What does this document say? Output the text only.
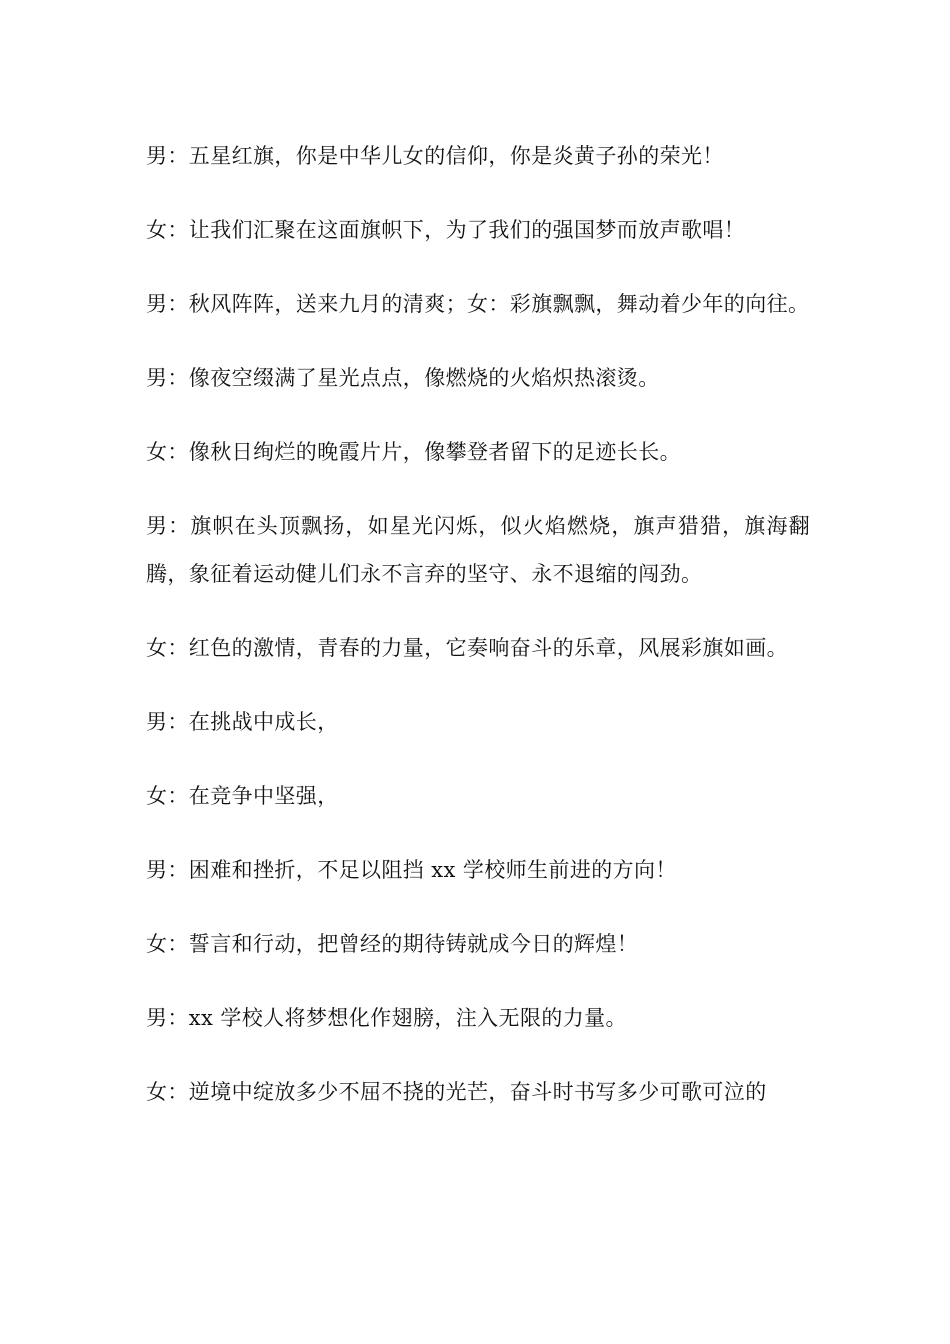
男：五星红旗，你是中华儿女的信仰，你是炎黄子孙的荣光！

女：让我们汇聚在这面旗帜下，为了我们的强国梦而放声歌唱！

男：秋风阵阵，送来九月的清爽；女：彩旗飘飘，舞动着少年的向往。

男：像夜空缀满了星光点点，像燃烧的火焰炽热滚烫。

女：像秋日绚烂的晚霞片片，像攀登者留下的足迹长长。

男：旗帜在头顶飘扬，如星光闪烁，似火焰燃烧，旗声猎猎，旗海翻腾，象征着运动健儿们永不言弃的坚守、永不退缩的闯劲。

女：红色的激情，青春的力量，它奏响奋斗的乐章，风展彩旗如画。

男：在挑战中成长，

女：在竞争中坚强，

男：困难和挫折，不足以阻挡 xx 学校师生前进的方向！

女：誓言和行动，把曾经的期待铸就成今日的辉煌！

男：xx 学校人将梦想化作翅膀，注入无限的力量。

女：逆境中绽放多少不屈不挠的光芒，奋斗时书写多少可歌可泣的
